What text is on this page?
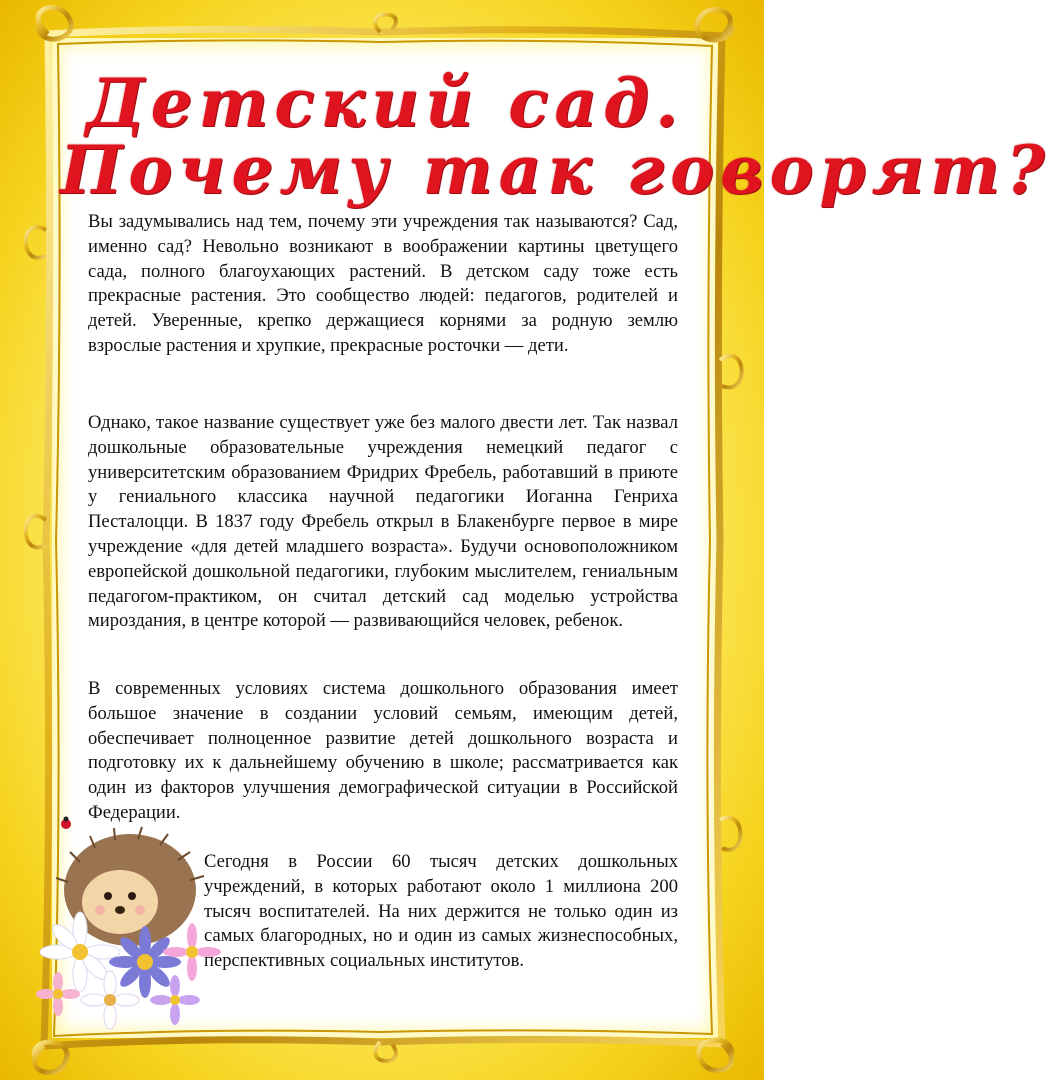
Детский сад.
Почему так говорят?

Вы задумывались над тем, почему эти учреждения так называются? Сад, именно сад? Невольно возникают в воображении картины цветущего сада, полного благоухающих растений. В детском саду тоже есть прекрасные растения. Это сообщество людей: педагогов, родителей и детей. Уверенные, крепко держащиеся корнями за родную землю взрослые растения и хрупкие, прекрасные росточки — дети.

Однако, такое название существует уже без малого двести лет. Так назвал дошкольные образовательные учреждения немецкий педагог с университетским образованием Фридрих Фребель, работавший в приюте у гениального классика научной педагогики Иоганна Генриха Песталоцци. В 1837 году Фребель открыл в Блакенбурге первое в мире учреждение «для детей младшего возраста». Будучи основоположником европейской дошкольной педагогики, глубоким мыслителем, гениальным педагогом-практиком, он считал детский сад моделью устройства мироздания, в центре которой — развивающийся человек, ребенок.

В современных условиях система дошкольного образования имеет большое значение в создании условий семьям, имеющим детей, обеспечивает полноценное развитие детей дошкольного возраста и подготовку их к дальнейшему обучению в школе; рассматривается как один из факторов улучшения демографической ситуации в Российской Федерации.

Сегодня в России 60 тысяч детских дошкольных учреждений, в которых работают около 1 миллиона 200 тысяч воспитателей. На них держится не только один из самых благородных, но и один из самых жизнеспособных, перспективных социальных институтов.
